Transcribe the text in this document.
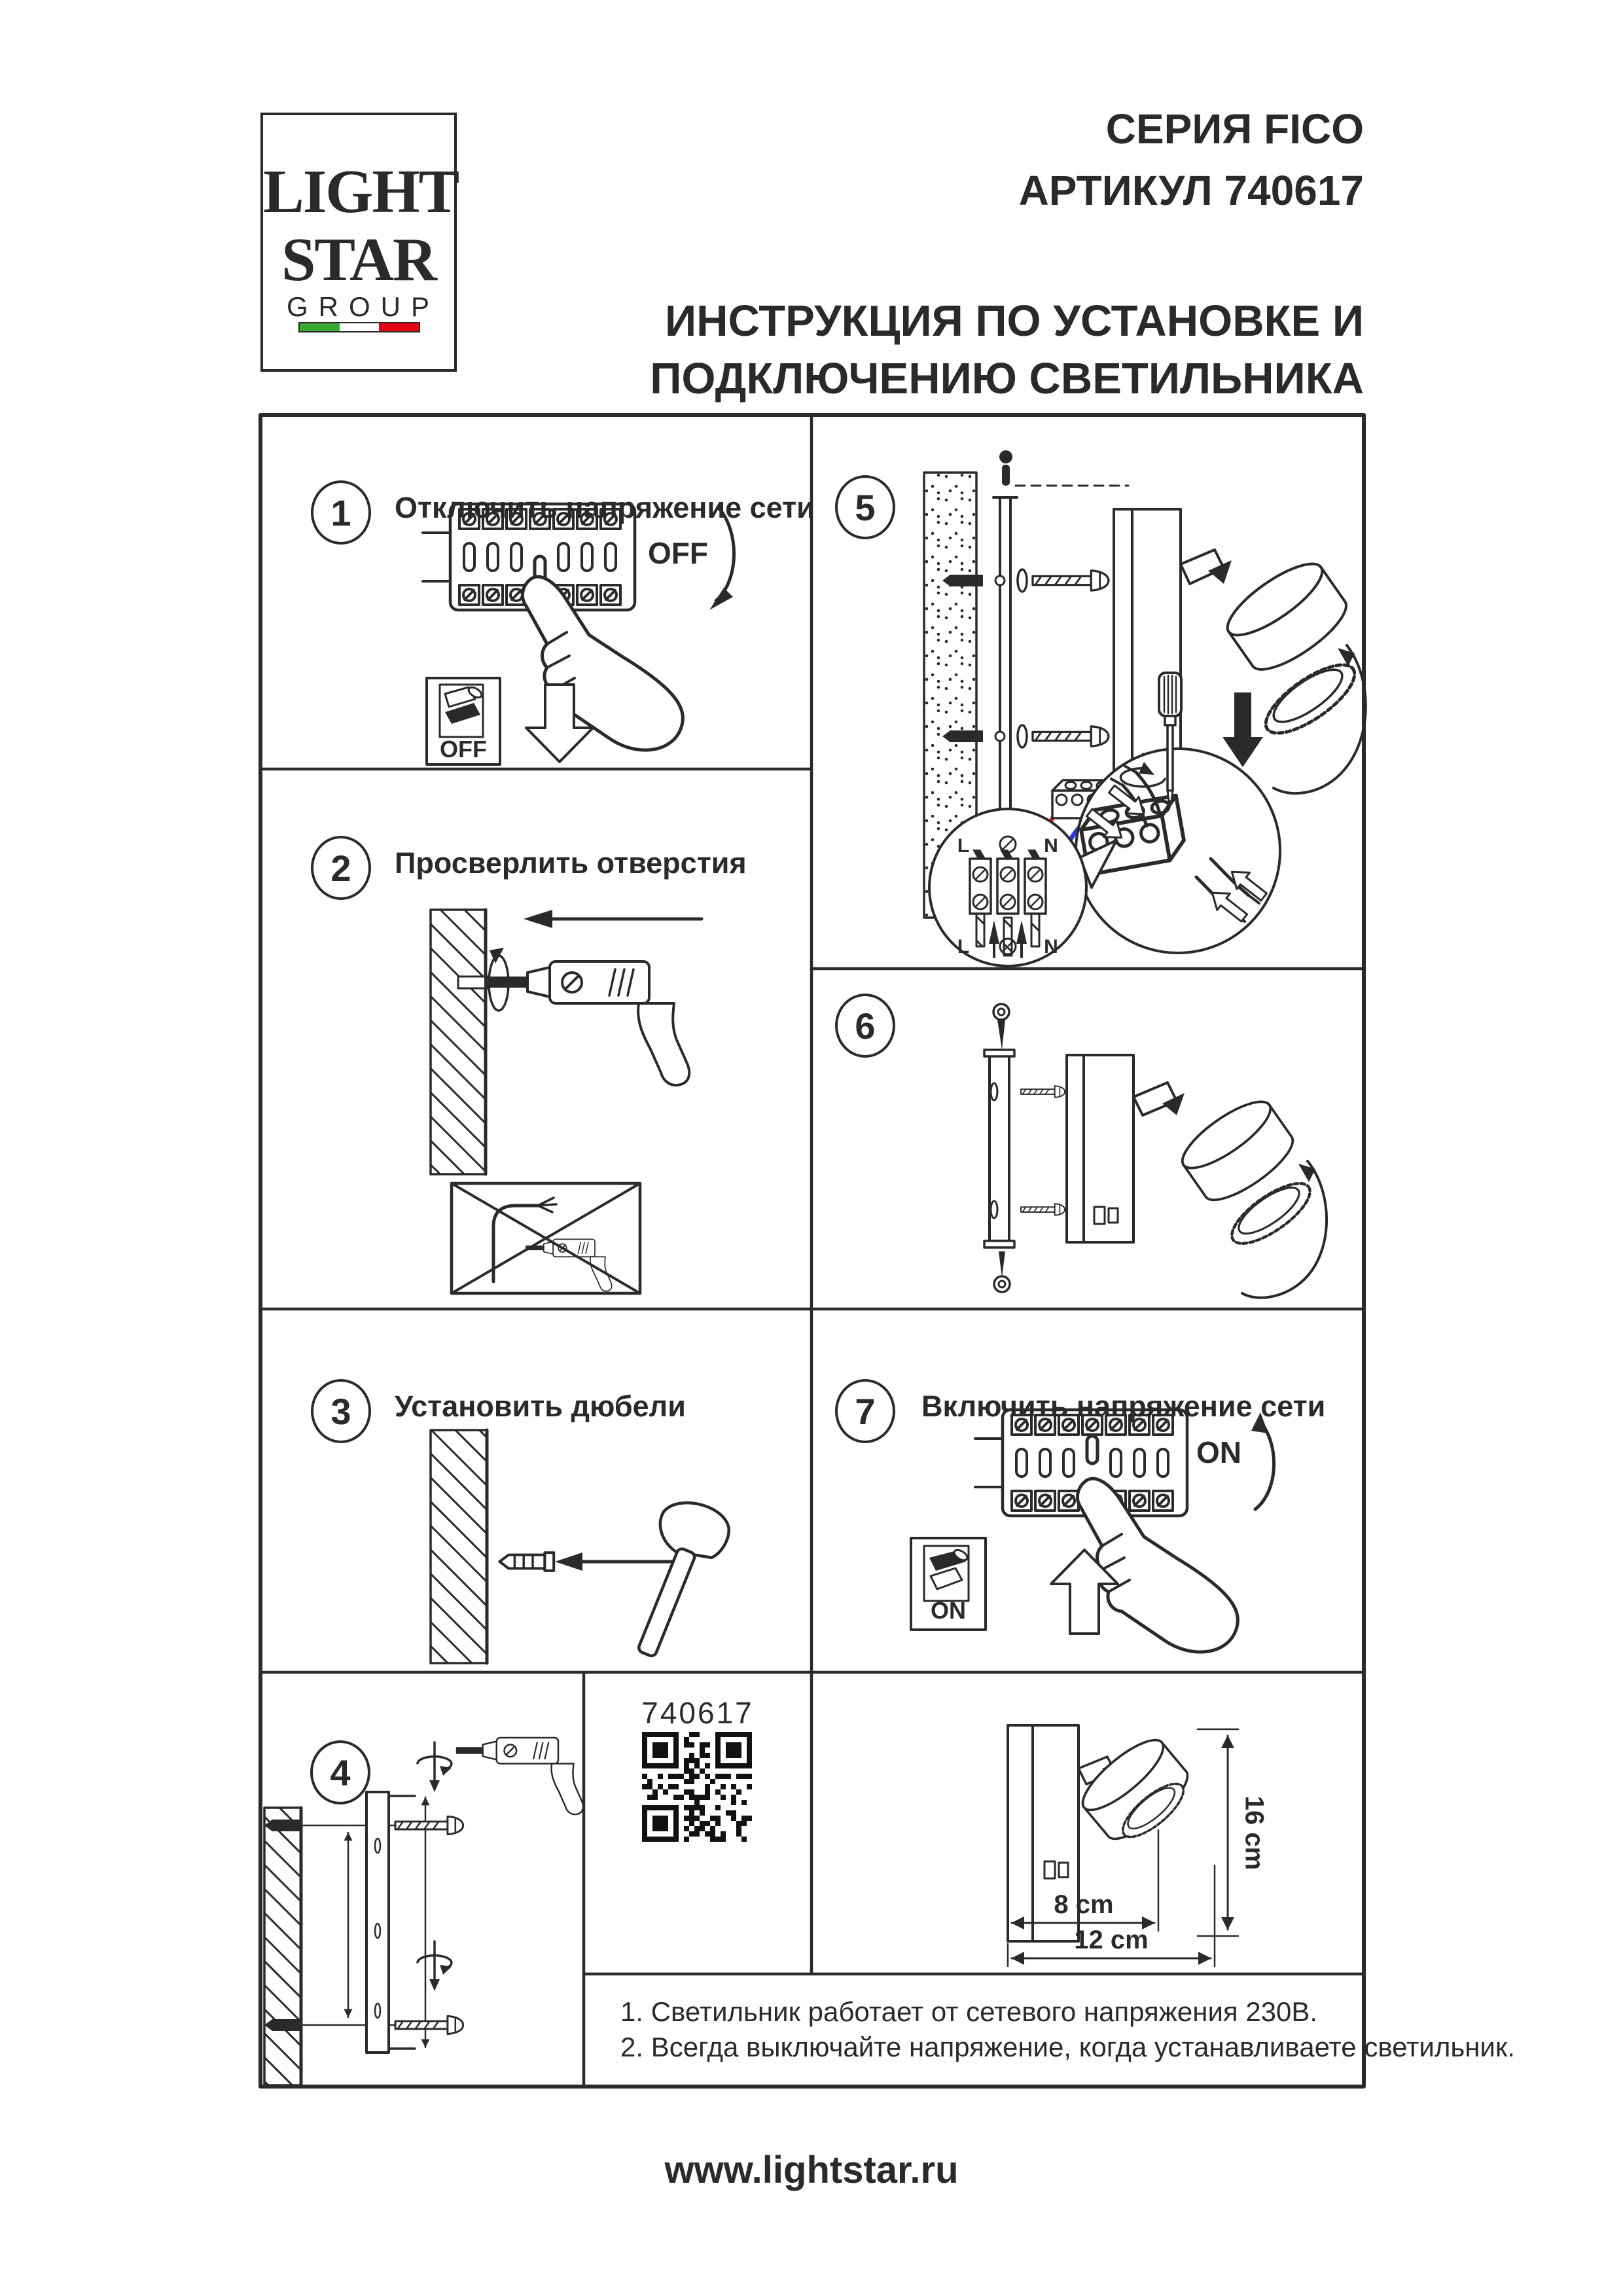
L	N
L	N
LIGHT
STAR
GROUP
СЕРИЯ FICO
АРТИКУЛ 740617
ИНСТРУКЦИЯ ПО УСТАНОВКЕ И
ПОДКЛЮЧЕНИЮ СВЕТИЛЬНИКА
1 Отключить напряжение сети
2 Просверлить отверстия
3 Установить дюбели
4
5
6
7 Включить напряжение сети
OFF
OFF
ON
ON
740617
16 cm
8 cm
12 cm
1. Светильник работает от сетевого напряжения 230В.
2. Всегда выключайте напряжение, когда устанавливаете светильник.
www.lightstar.ru
